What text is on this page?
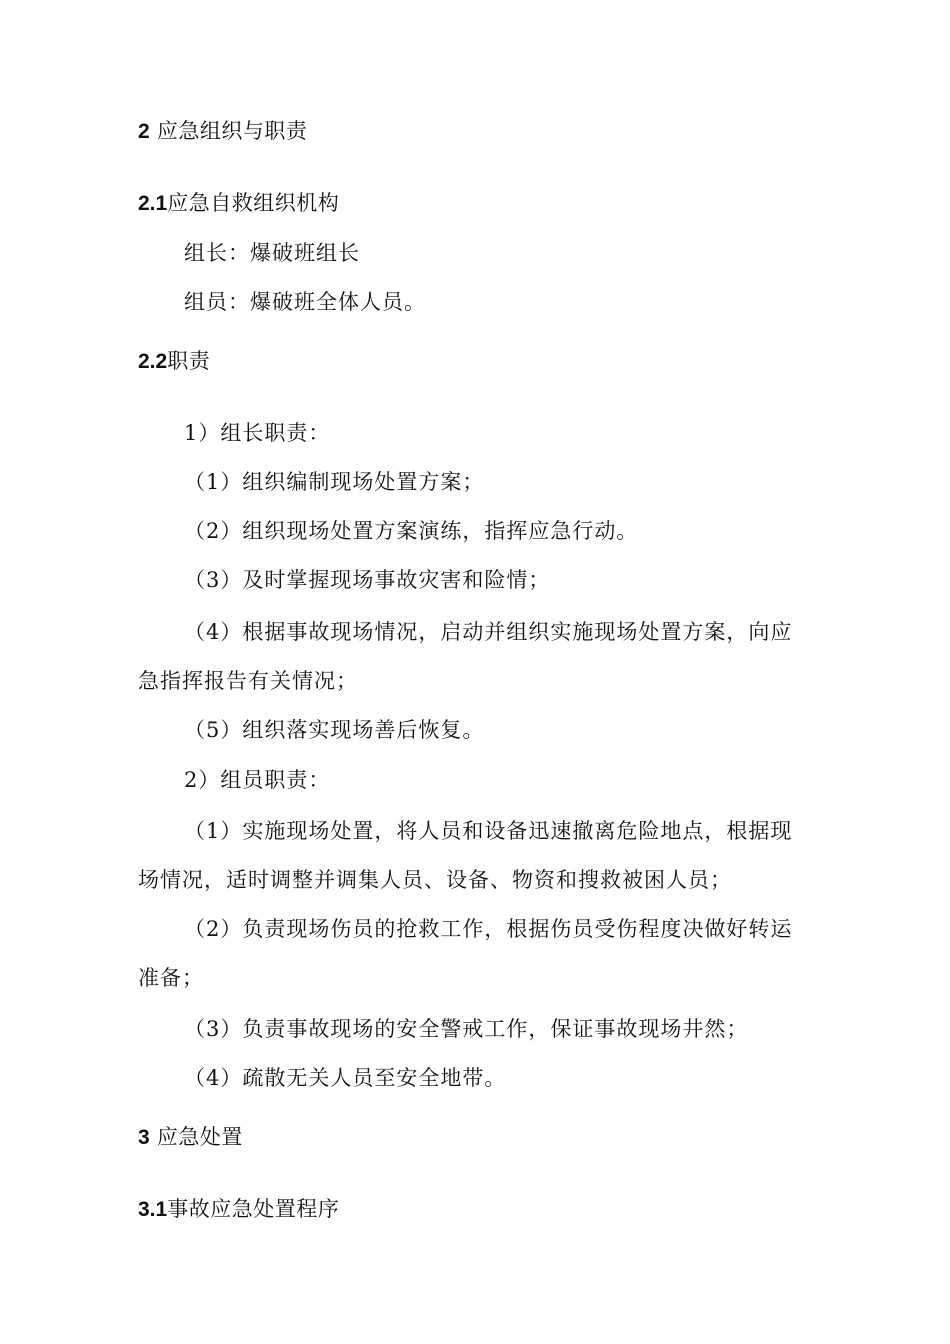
2 应急组织与职责
2.1应急自救组织机构
组长：爆破班组长
组员：爆破班全体人员。
2.2职责
1）组长职责：
（1）组织编制现场处置方案；
（2）组织现场处置方案演练，指挥应急行动。
（3）及时掌握现场事故灾害和险情；
（4）根据事故现场情况，启动并组织实施现场处置方案，向应
急指挥报告有关情况；
（5）组织落实现场善后恢复。
2）组员职责：
（1）实施现场处置，将人员和设备迅速撤离危险地点，根据现
场情况，适时调整并调集人员、设备、物资和搜救被困人员；
（2）负责现场伤员的抢救工作，根据伤员受伤程度决做好转运
准备；
（3）负责事故现场的安全警戒工作，保证事故现场井然；
（4）疏散无关人员至安全地带。
3 应急处置
3.1事故应急处置程序
